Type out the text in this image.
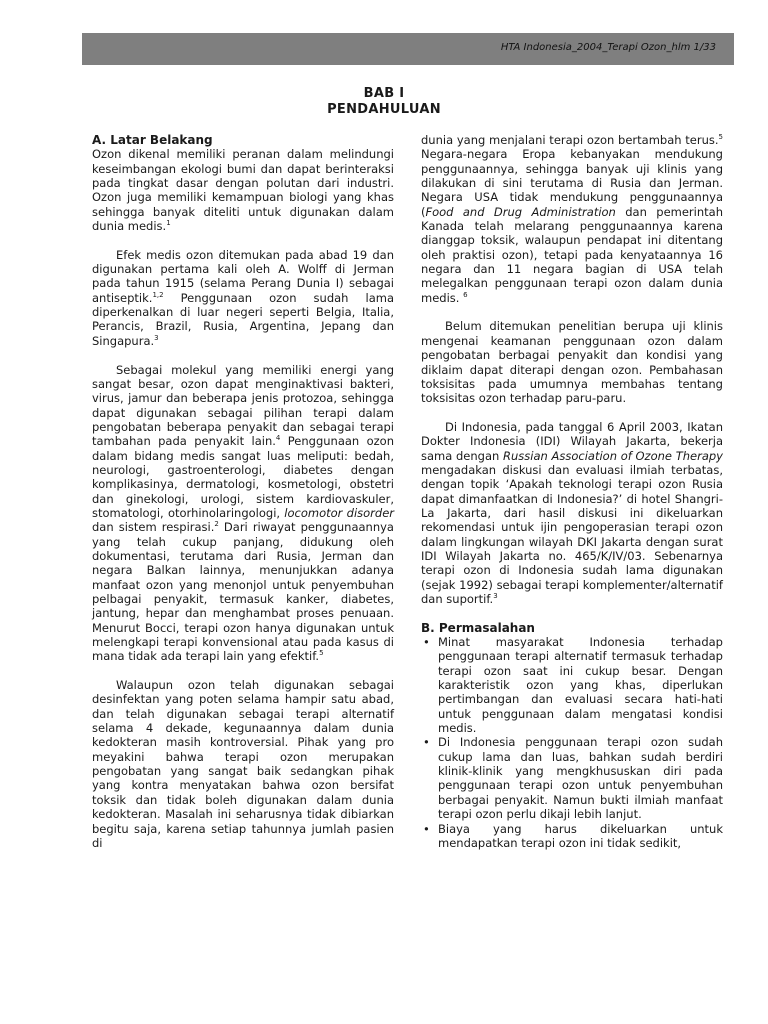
HTA Indonesia_2004_Terapi Ozon_hlm 1/33
BAB I
PENDAHULUAN
A. Latar Belakang

Ozon dikenal memiliki peranan dalam melindungi keseimbangan ekologi bumi dan dapat berinteraksi pada tingkat dasar dengan polutan dari industri. Ozon juga memiliki kemampuan biologi yang khas sehingga banyak diteliti untuk digunakan dalam dunia medis.$^1$

Efek medis ozon ditemukan pada abad 19 dan digunakan pertama kali oleh A. Wolff di Jerman pada tahun 1915 (selama Perang Dunia I) sebagai antiseptik.$^{1,2}$ Penggunaan ozon sudah lama diperkenalkan di luar negeri seperti Belgia, Italia, Perancis, Brazil, Rusia, Argentina, Jepang dan Singapura.$^3$

Sebagai molekul yang memiliki energi yang sangat besar, ozon dapat menginaktivasi bakteri, virus, jamur dan beberapa jenis protozoa, sehingga dapat digunakan sebagai pilihan terapi dalam pengobatan beberapa penyakit dan sebagai terapi tambahan pada penyakit lain.$^4$ Penggunaan ozon dalam bidang medis sangat luas meliputi: bedah, neurologi, gastroenterologi, diabetes dengan komplikasinya, dermatologi, kosmetologi, obstetri dan ginekologi, urologi, sistem kardiovaskuler, stomatologi, otorhinolaringologi, locomotor disorder dan sistem respirasi.$^2$ Dari riwayat penggunaannya yang telah cukup panjang, didukung oleh dokumentasi, terutama dari Rusia, Jerman dan negara Balkan lainnya, menunjukkan adanya manfaat ozon yang menonjol untuk penyembuhan pelbagai penyakit, termasuk kanker, diabetes, jantung, hepar dan menghambat proses penuaan. Menurut Bocci, terapi ozon hanya digunakan untuk melengkapi terapi konvensional atau pada kasus di mana tidak ada terapi lain yang efektif.$^5$

Walaupun ozon telah digunakan sebagai desinfektan yang poten selama hampir satu abad, dan telah digunakan sebagai terapi alternatif selama 4 dekade, kegunaannya dalam dunia kedokteran masih kontroversial. Pihak yang pro meyakini bahwa terapi ozon merupakan pengobatan yang sangat baik sedangkan pihak yang kontra menyatakan bahwa ozon bersifat toksik dan tidak boleh digunakan dalam dunia kedokteran. Masalah ini seharusnya tidak dibiarkan begitu saja, karena setiap tahunnya jumlah pasien di

dunia yang menjalani terapi ozon bertambah terus.$^5$ Negara-negara Eropa kebanyakan mendukung penggunaannya, sehingga banyak uji klinis yang dilakukan di sini terutama di Rusia dan Jerman. Negara USA tidak mendukung penggunaannya (Food and Drug Administration dan pemerintah Kanada telah melarang penggunaannya karena dianggap toksik, walaupun pendapat ini ditentang oleh praktisi ozon), tetapi pada kenyataannya 16 negara dan 11 negara bagian di USA telah melegalkan penggunaan terapi ozon dalam dunia medis. $^6$

Belum ditemukan penelitian berupa uji klinis mengenai keamanan penggunaan ozon dalam pengobatan berbagai penyakit dan kondisi yang diklaim dapat diterapi dengan ozon. Pembahasan toksisitas pada umumnya membahas tentang toksisitas ozon terhadap paru-paru.

Di Indonesia, pada tanggal 6 April 2003, Ikatan Dokter Indonesia (IDI) Wilayah Jakarta, bekerja sama dengan Russian Association of Ozone Therapy mengadakan diskusi dan evaluasi ilmiah terbatas, dengan topik ‘Apakah teknologi terapi ozon Rusia dapat dimanfaatkan di Indonesia?’ di hotel Shangri-La Jakarta, dari hasil diskusi ini dikeluarkan rekomendasi untuk ijin pengoperasian terapi ozon dalam lingkungan wilayah DKI Jakarta dengan surat IDI Wilayah Jakarta no. 465/K/IV/03. Sebenarnya terapi ozon di Indonesia sudah lama digunakan (sejak 1992) sebagai terapi komplementer/alternatif dan suportif.$^3$

B. Permasalahan
• Minat masyarakat Indonesia terhadap penggunaan terapi alternatif termasuk terhadap terapi ozon saat ini cukup besar. Dengan karakteristik ozon yang khas, diperlukan pertimbangan dan evaluasi secara hati-hati untuk penggunaan dalam mengatasi kondisi medis.
• Di Indonesia penggunaan terapi ozon sudah cukup lama dan luas, bahkan sudah berdiri klinik-klinik yang mengkhususkan diri pada penggunaan terapi ozon untuk penyembuhan berbagai penyakit. Namun bukti ilmiah manfaat terapi ozon perlu dikaji lebih lanjut.
• Biaya yang harus dikeluarkan untuk mendapatkan terapi ozon ini tidak sedikit,
